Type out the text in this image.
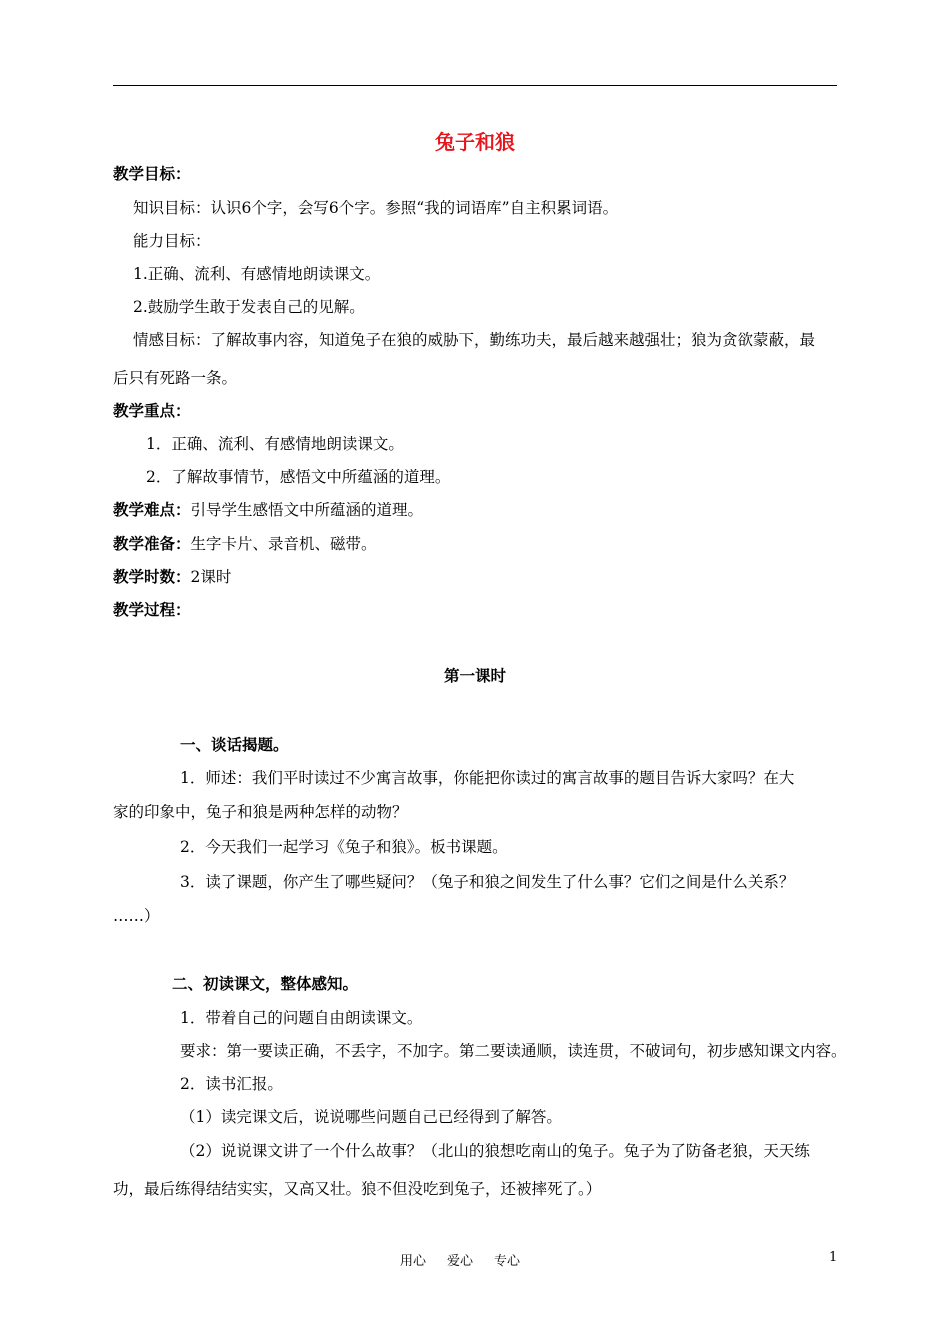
兔子和狼
教学目标：
知识目标：认识6个字，会写6个字。参照“我的词语库”自主积累词语。
能力目标：
1.正确、流利、有感情地朗读课文。
2.鼓励学生敢于发表自己的见解。
情感目标：了解故事内容，知道兔子在狼的威胁下，勤练功夫，最后越来越强壮；狼为贪欲蒙蔽，最
后只有死路一条。
教学重点：
1．正确、流利、有感情地朗读课文。
2．了解故事情节，感悟文中所蕴涵的道理。
教学难点：引导学生感悟文中所蕴涵的道理。
教学准备：生字卡片、录音机、磁带。
教学时数：2课时
教学过程：
第一课时
一、谈话揭题。
1．师述：我们平时读过不少寓言故事，你能把你读过的寓言故事的题目告诉大家吗？在大
家的印象中，兔子和狼是两种怎样的动物？
2．今天我们一起学习《兔子和狼》。板书课题。
3．读了课题，你产生了哪些疑问？（兔子和狼之间发生了什么事？它们之间是什么关系？
……）
二、初读课文，整体感知。
1．带着自己的问题自由朗读课文。
要求：第一要读正确，不丢字，不加字。第二要读通顺，读连贯，不破词句，初步感知课文内容。
2．读书汇报。
（1）读完课文后，说说哪些问题自己已经得到了解答。
（2）说说课文讲了一个什么故事？（北山的狼想吃南山的兔子。兔子为了防备老狼，天天练
功，最后练得结结实实，又高又壮。狼不但没吃到兔子，还被摔死了。）
用心 爱心 专心	1
